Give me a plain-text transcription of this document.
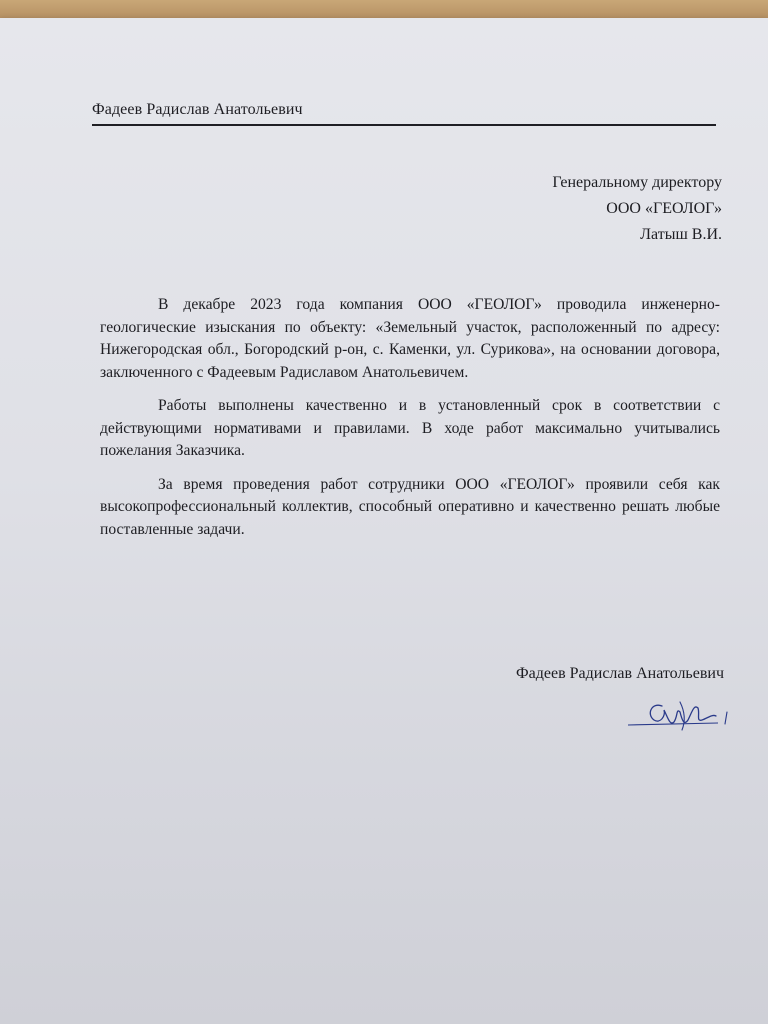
Фадеев Радислав Анатольевич
Генеральному директору
ООО «ГЕОЛОГ»
Латыш В.И.

В декабре 2023 года компания ООО «ГЕОЛОГ» проводила инженерно-геологические изыскания по объекту: «Земельный участок, расположенный по адресу: Нижегородская обл., Богородский р-он, с. Каменки, ул. Сурикова», на основании договора, заключенного с Фадеевым Радиславом Анатольевичем.

Работы выполнены качественно и в установленный срок в соответствии с действующими нормативами и правилами. В ходе работ максимально учитывались пожелания Заказчика.

За время проведения работ сотрудники ООО «ГЕОЛОГ» проявили себя как высокопрофессиональный коллектив, способный оперативно и качественно решать любые поставленные задачи.

Фадеев Радислав Анатольевич
